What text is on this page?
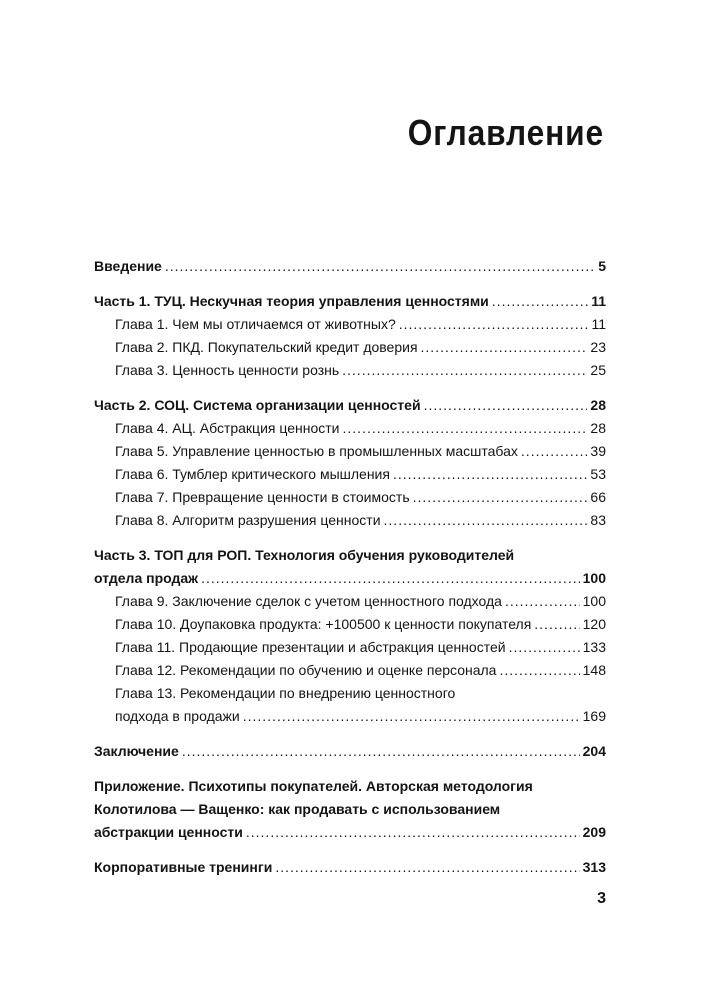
Оглавление
Введение .....	5
Часть 1. ТУЦ. Нескучная теория управления ценностями .....	11
Глава 1. Чем мы отличаемся от животных? .....	11
Глава 2. ПКД. Покупательский кредит доверия .....	23
Глава 3. Ценность ценности рознь .....	25
Часть 2. СОЦ. Система организации ценностей .....	28
Глава 4. АЦ. Абстракция ценности .....	28
Глава 5. Управление ценностью в промышленных масштабах .....	39
Глава 6. Тумблер критического мышления .....	53
Глава 7. Превращение ценности в стоимость .....	66
Глава 8. Алгоритм разрушения ценности .....	83
Часть 3. ТОП для РОП. Технология обучения руководителей
отдела продаж .....	100
Глава 9. Заключение сделок с учетом ценностного подхода .....	100
Глава 10. Доупаковка продукта: +100500 к ценности покупателя .....	120
Глава 11. Продающие презентации и абстракция ценностей .....	133
Глава 12. Рекомендации по обучению и оценке персонала .....	148
Глава 13. Рекомендации по внедрению ценностного
подхода в продажи .....	169
Заключение .....	204
Приложение. Психотипы покупателей. Авторская методология
Колотилова — Ващенко: как продавать с использованием
абстракции ценности .....	209
Корпоративные тренинги .....	313
3
